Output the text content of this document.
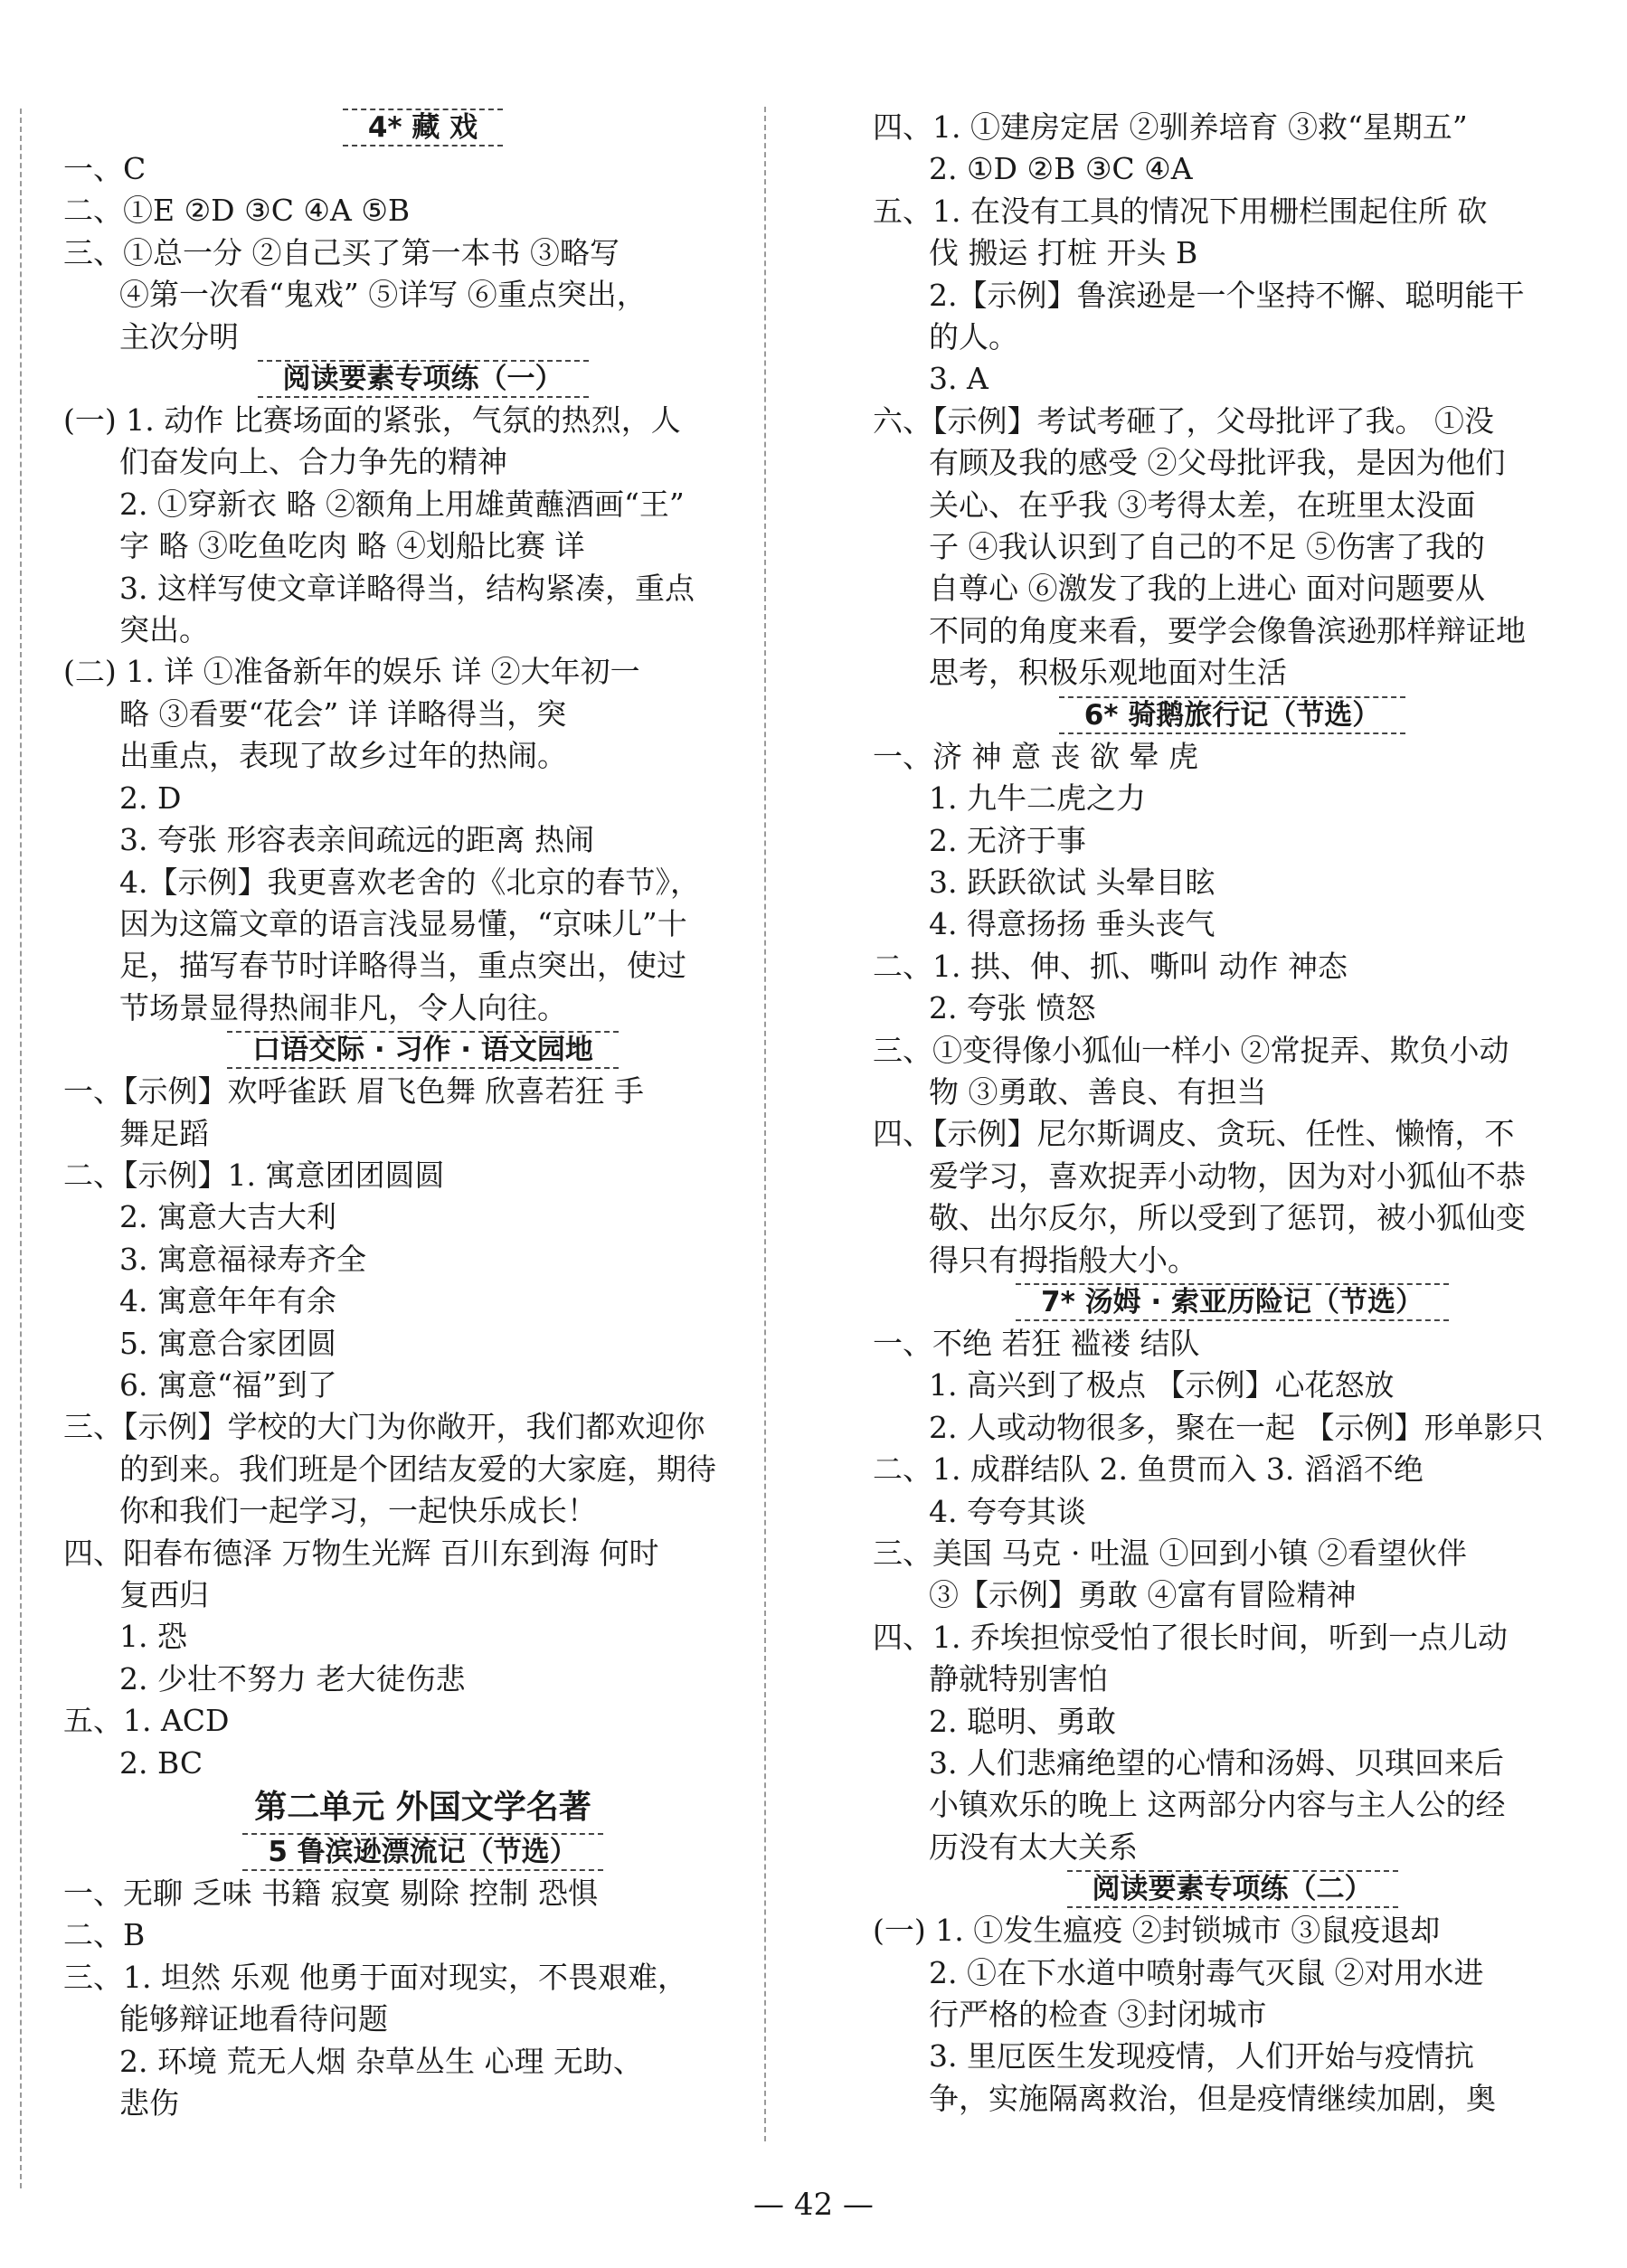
4* 藏 戏
一、C
二、①E ②D ③C ④A ⑤B
三、①总一分 ②自己买了第一本书 ③略写
④第一次看“鬼戏” ⑤详写 ⑥重点突出，
主次分明
阅读要素专项练（一）
(一) 1. 动作 比赛场面的紧张，气氛的热烈，人
们奋发向上、合力争先的精神
2. ①穿新衣 略 ②额角上用雄黄蘸酒画“王”
字 略 ③吃鱼吃肉 略 ④划船比赛 详
3. 这样写使文章详略得当，结构紧凑，重点
突出。
(二) 1. 详 ①准备新年的娱乐 详 ②大年初一
略 ③看要“花会” 详 详略得当，突
出重点，表现了故乡过年的热闹。
2. D
3. 夸张 形容表亲间疏远的距离 热闹
4.【示例】我更喜欢老舍的《北京的春节》，
因为这篇文章的语言浅显易懂，“京味儿”十
足，描写春节时详略得当，重点突出，使过
节场景显得热闹非凡，令人向往。
口语交际 · 习作 · 语文园地
一、【示例】欢呼雀跃 眉飞色舞 欣喜若狂 手
舞足蹈
二、【示例】1. 寓意团团圆圆
2. 寓意大吉大利
3. 寓意福禄寿齐全
4. 寓意年年有余
5. 寓意合家团圆
6. 寓意“福”到了
三、【示例】学校的大门为你敞开，我们都欢迎你
的到来。我们班是个团结友爱的大家庭，期待
你和我们一起学习，一起快乐成长！
四、阳春布德泽 万物生光辉 百川东到海 何时
复西归
1. 恐
2. 少壮不努力 老大徒伤悲
五、1. ACD
2. BC
第二单元 外国文学名著
5 鲁滨逊漂流记（节选）
一、无聊 乏味 书籍 寂寞 剔除 控制 恐惧
二、B
三、1. 坦然 乐观 他勇于面对现实，不畏艰难，
能够辩证地看待问题
2. 环境 荒无人烟 杂草丛生 心理 无助、
悲伤
四、1. ①建房定居 ②驯养培育 ③救“星期五”
2. ①D ②B ③C ④A
五、1. 在没有工具的情况下用栅栏围起住所 砍
伐 搬运 打桩 开头 B
2.【示例】鲁滨逊是一个坚持不懈、聪明能干
的人。
3. A
六、【示例】考试考砸了，父母批评了我。 ①没
有顾及我的感受 ②父母批评我，是因为他们
关心、在乎我 ③考得太差，在班里太没面
子 ④我认识到了自己的不足 ⑤伤害了我的
自尊心 ⑥激发了我的上进心 面对问题要从
不同的角度来看，要学会像鲁滨逊那样辩证地
思考，积极乐观地面对生活
6* 骑鹅旅行记（节选）
一、济 神 意 丧 欲 晕 虎
1. 九牛二虎之力
2. 无济于事
3. 跃跃欲试 头晕目眩
4. 得意扬扬 垂头丧气
二、1. 拱、伸、抓、嘶叫 动作 神态
2. 夸张 愤怒
三、①变得像小狐仙一样小 ②常捉弄、欺负小动
物 ③勇敢、善良、有担当
四、【示例】尼尔斯调皮、贪玩、任性、懒惰，不
爱学习，喜欢捉弄小动物，因为对小狐仙不恭
敬、出尔反尔，所以受到了惩罚，被小狐仙变
得只有拇指般大小。
7* 汤姆 · 索亚历险记（节选）
一、不绝 若狂 褴褛 结队
1. 高兴到了极点 【示例】心花怒放
2. 人或动物很多，聚在一起 【示例】形单影只
二、1. 成群结队 2. 鱼贯而入 3. 滔滔不绝
4. 夸夸其谈
三、美国 马克 · 吐温 ①回到小镇 ②看望伙伴
③【示例】勇敢 ④富有冒险精神
四、1. 乔埃担惊受怕了很长时间，听到一点儿动
静就特别害怕
2. 聪明、勇敢
3. 人们悲痛绝望的心情和汤姆、贝琪回来后
小镇欢乐的晚上 这两部分内容与主人公的经
历没有太大关系
阅读要素专项练（二）
(一) 1. ①发生瘟疫 ②封锁城市 ③鼠疫退却
2. ①在下水道中喷射毒气灭鼠 ②对用水进
行严格的检查 ③封闭城市
3. 里厄医生发现疫情，人们开始与疫情抗
争，实施隔离救治，但是疫情继续加剧，奥
— 42 —
